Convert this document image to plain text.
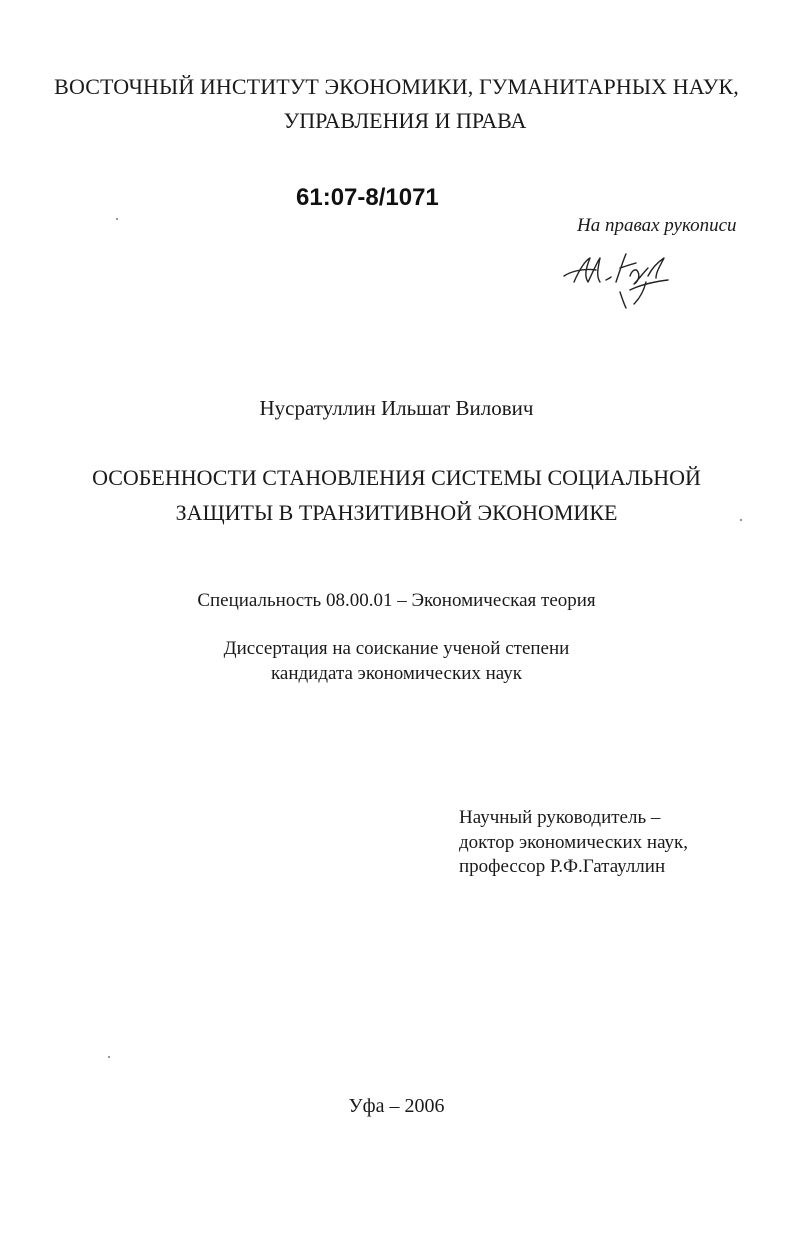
ВОСТОЧНЫЙ ИНСТИТУТ ЭКОНОМИКИ, ГУМАНИТАРНЫХ НАУК,
УПРАВЛЕНИЯ И ПРАВА
61:07-8/1071
На правах рукописи
Нусратуллин Ильшат Вилович
ОСОБЕННОСТИ СТАНОВЛЕНИЯ СИСТЕМЫ СОЦИАЛЬНОЙ
ЗАЩИТЫ В ТРАНЗИТИВНОЙ ЭКОНОМИКЕ
Специальность 08.00.01 – Экономическая теория
Диссертация на соискание ученой степени
кандидата экономических наук
Научный руководитель –
доктор экономических наук,
профессор Р.Ф.Гатауллин
Уфа – 2006
